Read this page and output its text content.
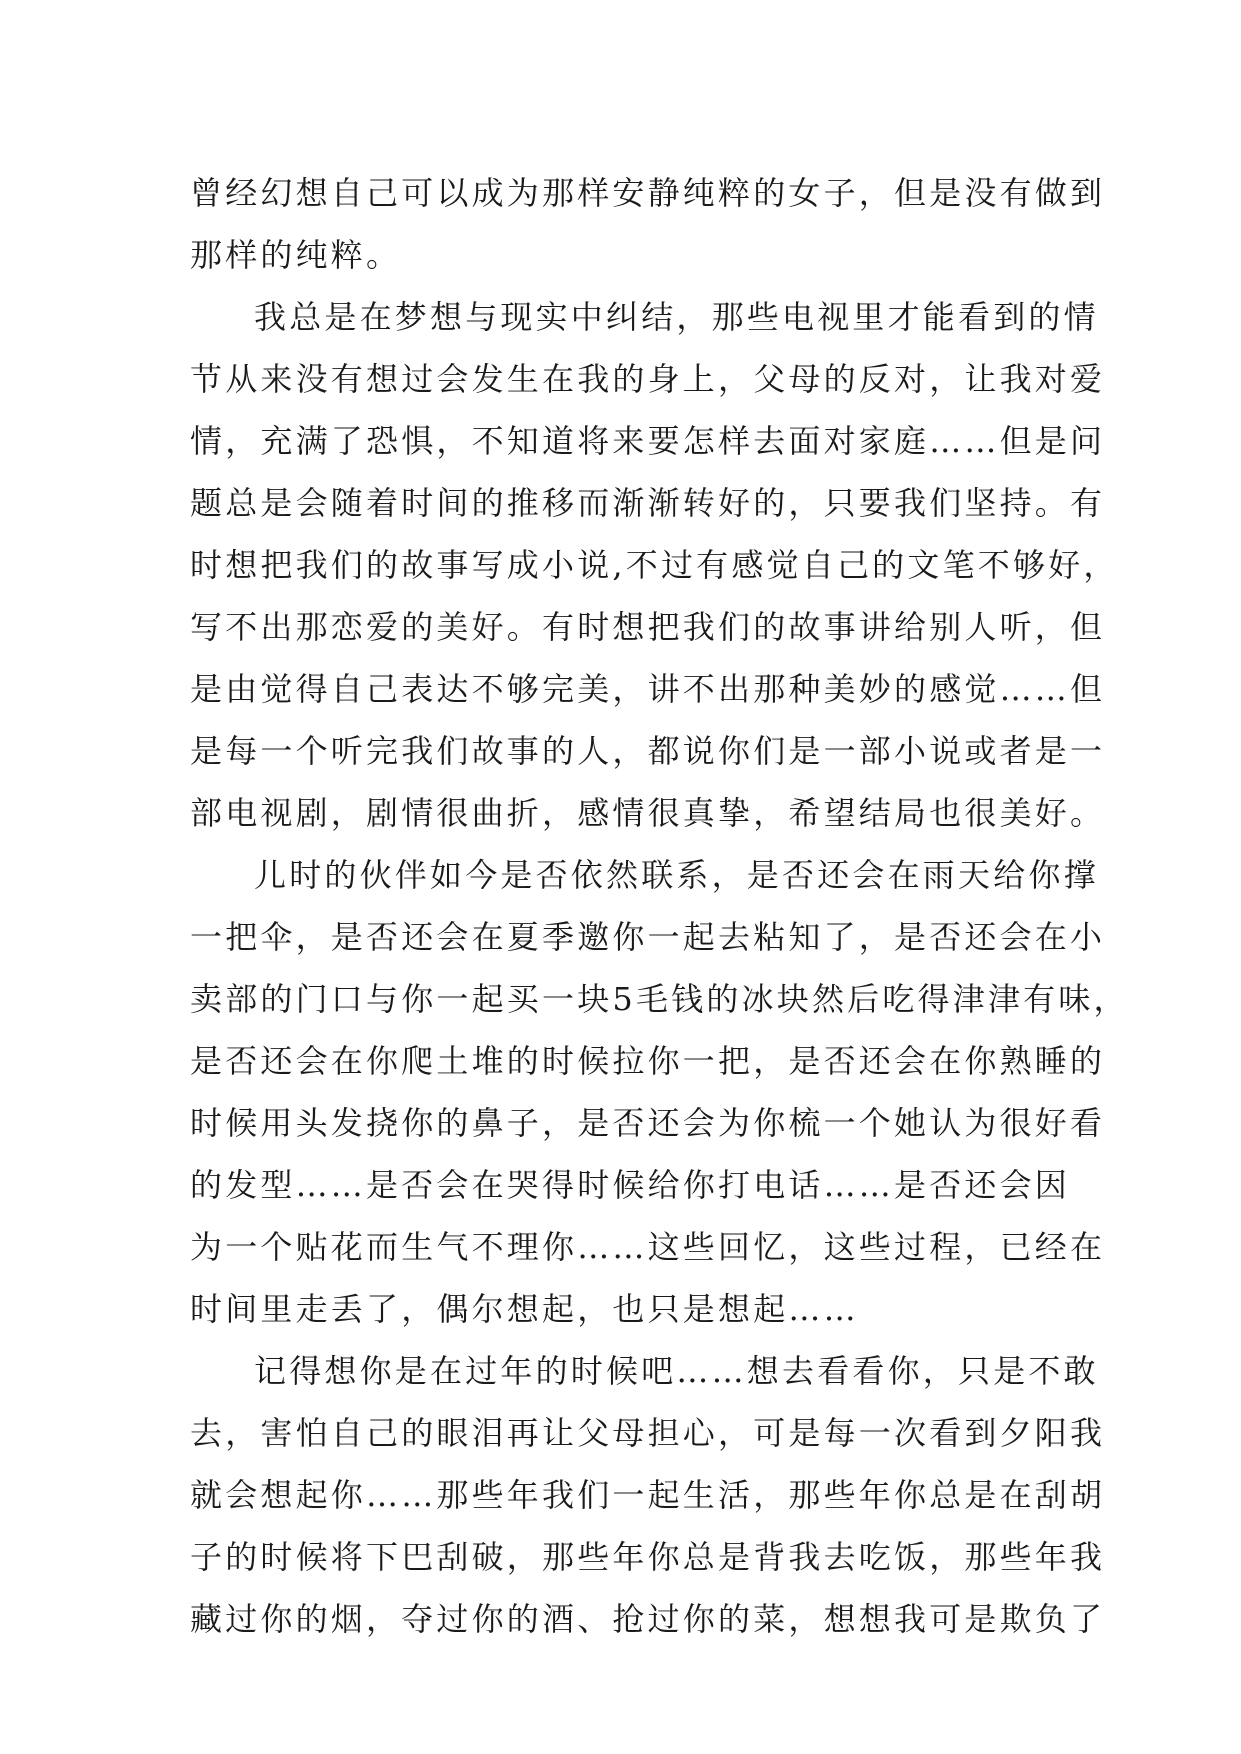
曾经幻想自己可以成为那样安静纯粹的女子，但是没有做到
那样的纯粹。
我总是在梦想与现实中纠结，那些电视里才能看到的情
节从来没有想过会发生在我的身上，父母的反对，让我对爱
情，充满了恐惧，不知道将来要怎样去面对家庭……但是问
题总是会随着时间的推移而渐渐转好的，只要我们坚持。有
时想把我们的故事写成小说,不过有感觉自己的文笔不够好，
写不出那恋爱的美好。有时想把我们的故事讲给别人听，但
是由觉得自己表达不够完美，讲不出那种美妙的感觉……但
是每一个听完我们故事的人，都说你们是一部小说或者是一
部电视剧，剧情很曲折，感情很真挚，希望结局也很美好。
儿时的伙伴如今是否依然联系，是否还会在雨天给你撑
一把伞，是否还会在夏季邀你一起去粘知了，是否还会在小
卖部的门口与你一起买一块5毛钱的冰块然后吃得津津有味，
是否还会在你爬土堆的时候拉你一把，是否还会在你熟睡的
时候用头发挠你的鼻子，是否还会为你梳一个她认为很好看
的发型……是否会在哭得时候给你打电话……是否还会因
为一个贴花而生气不理你……这些回忆，这些过程，已经在
时间里走丢了，偶尔想起，也只是想起……
记得想你是在过年的时候吧……想去看看你，只是不敢
去，害怕自己的眼泪再让父母担心，可是每一次看到夕阳我
就会想起你……那些年我们一起生活，那些年你总是在刮胡
子的时候将下巴刮破，那些年你总是背我去吃饭，那些年我
藏过你的烟，夺过你的酒、抢过你的菜，想想我可是欺负了
